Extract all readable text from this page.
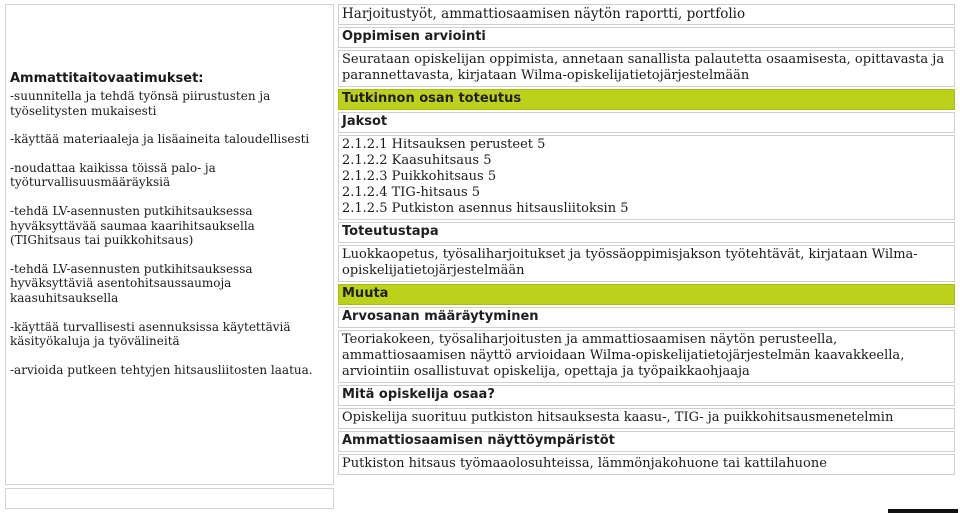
Ammattitaitovaatimukset:
-suunnitella ja tehdä työnsä piirustusten ja työselitysten mukaisesti
-käyttää materiaaleja ja lisäaineita taloudellisesti
-noudattaa kaikissa töissä palo- ja työturvallisuusmääräyksiä
-tehdä LV-asennusten putkihitsauksessa hyväksyttävää saumaa kaarihitsauksella (TIGhitsaus tai puikkohitsaus)
-tehdä LV-asennusten putkihitsauksessa hyväksyttäviä asentohitsaussaumoja kaasuhitsauksella
-käyttää turvallisesti asennuksissa käytettäviä käsityökaluja ja työvälineitä
-arvioida putkeen tehtyjen hitsausliitosten laatua.
Harjoitustyöt, ammattiosaamisen näytön raportti, portfolio
Oppimisen arviointi
Seurataan opiskelijan oppimista, annetaan sanallista palautetta osaamisesta, opittavasta ja parannettavasta, kirjataan Wilma-opiskelijatietojärjestelmään
Tutkinnon osan toteutus
Jaksot
2.1.2.1 Hitsauksen perusteet 5
2.1.2.2 Kaasuhitsaus 5
2.1.2.3 Puikkohitsaus 5
2.1.2.4 TIG-hitsaus 5
2.1.2.5 Putkiston asennus hitsausliitoksin 5
Toteutustapa
Luokkaopetus, työsaliharjoitukset ja työssäoppimisjakson työtehtävät, kirjataan Wilma-opiskelijatietojärjestelmään
Muuta
Arvosanan määräytyminen
Teoriakokeen, työsaliharjoitusten ja ammattiosaamisen näytön perusteella, ammattiosaamisen näyttö arvioidaan Wilma-opiskelijatietojärjestelmän kaavakkeella, arviointiin osallistuvat opiskelija, opettaja ja työpaikkaohjaaja
Mitä opiskelija osaa?
Opiskelija suorituu putkiston hitsauksesta kaasu-, TIG- ja puikkohitsausmenetelmin
Ammattiosaamisen näyttöympäristöt
Putkiston hitsaus työmaaolosuhteissa, lämmönjakohuone tai kattilahuone
